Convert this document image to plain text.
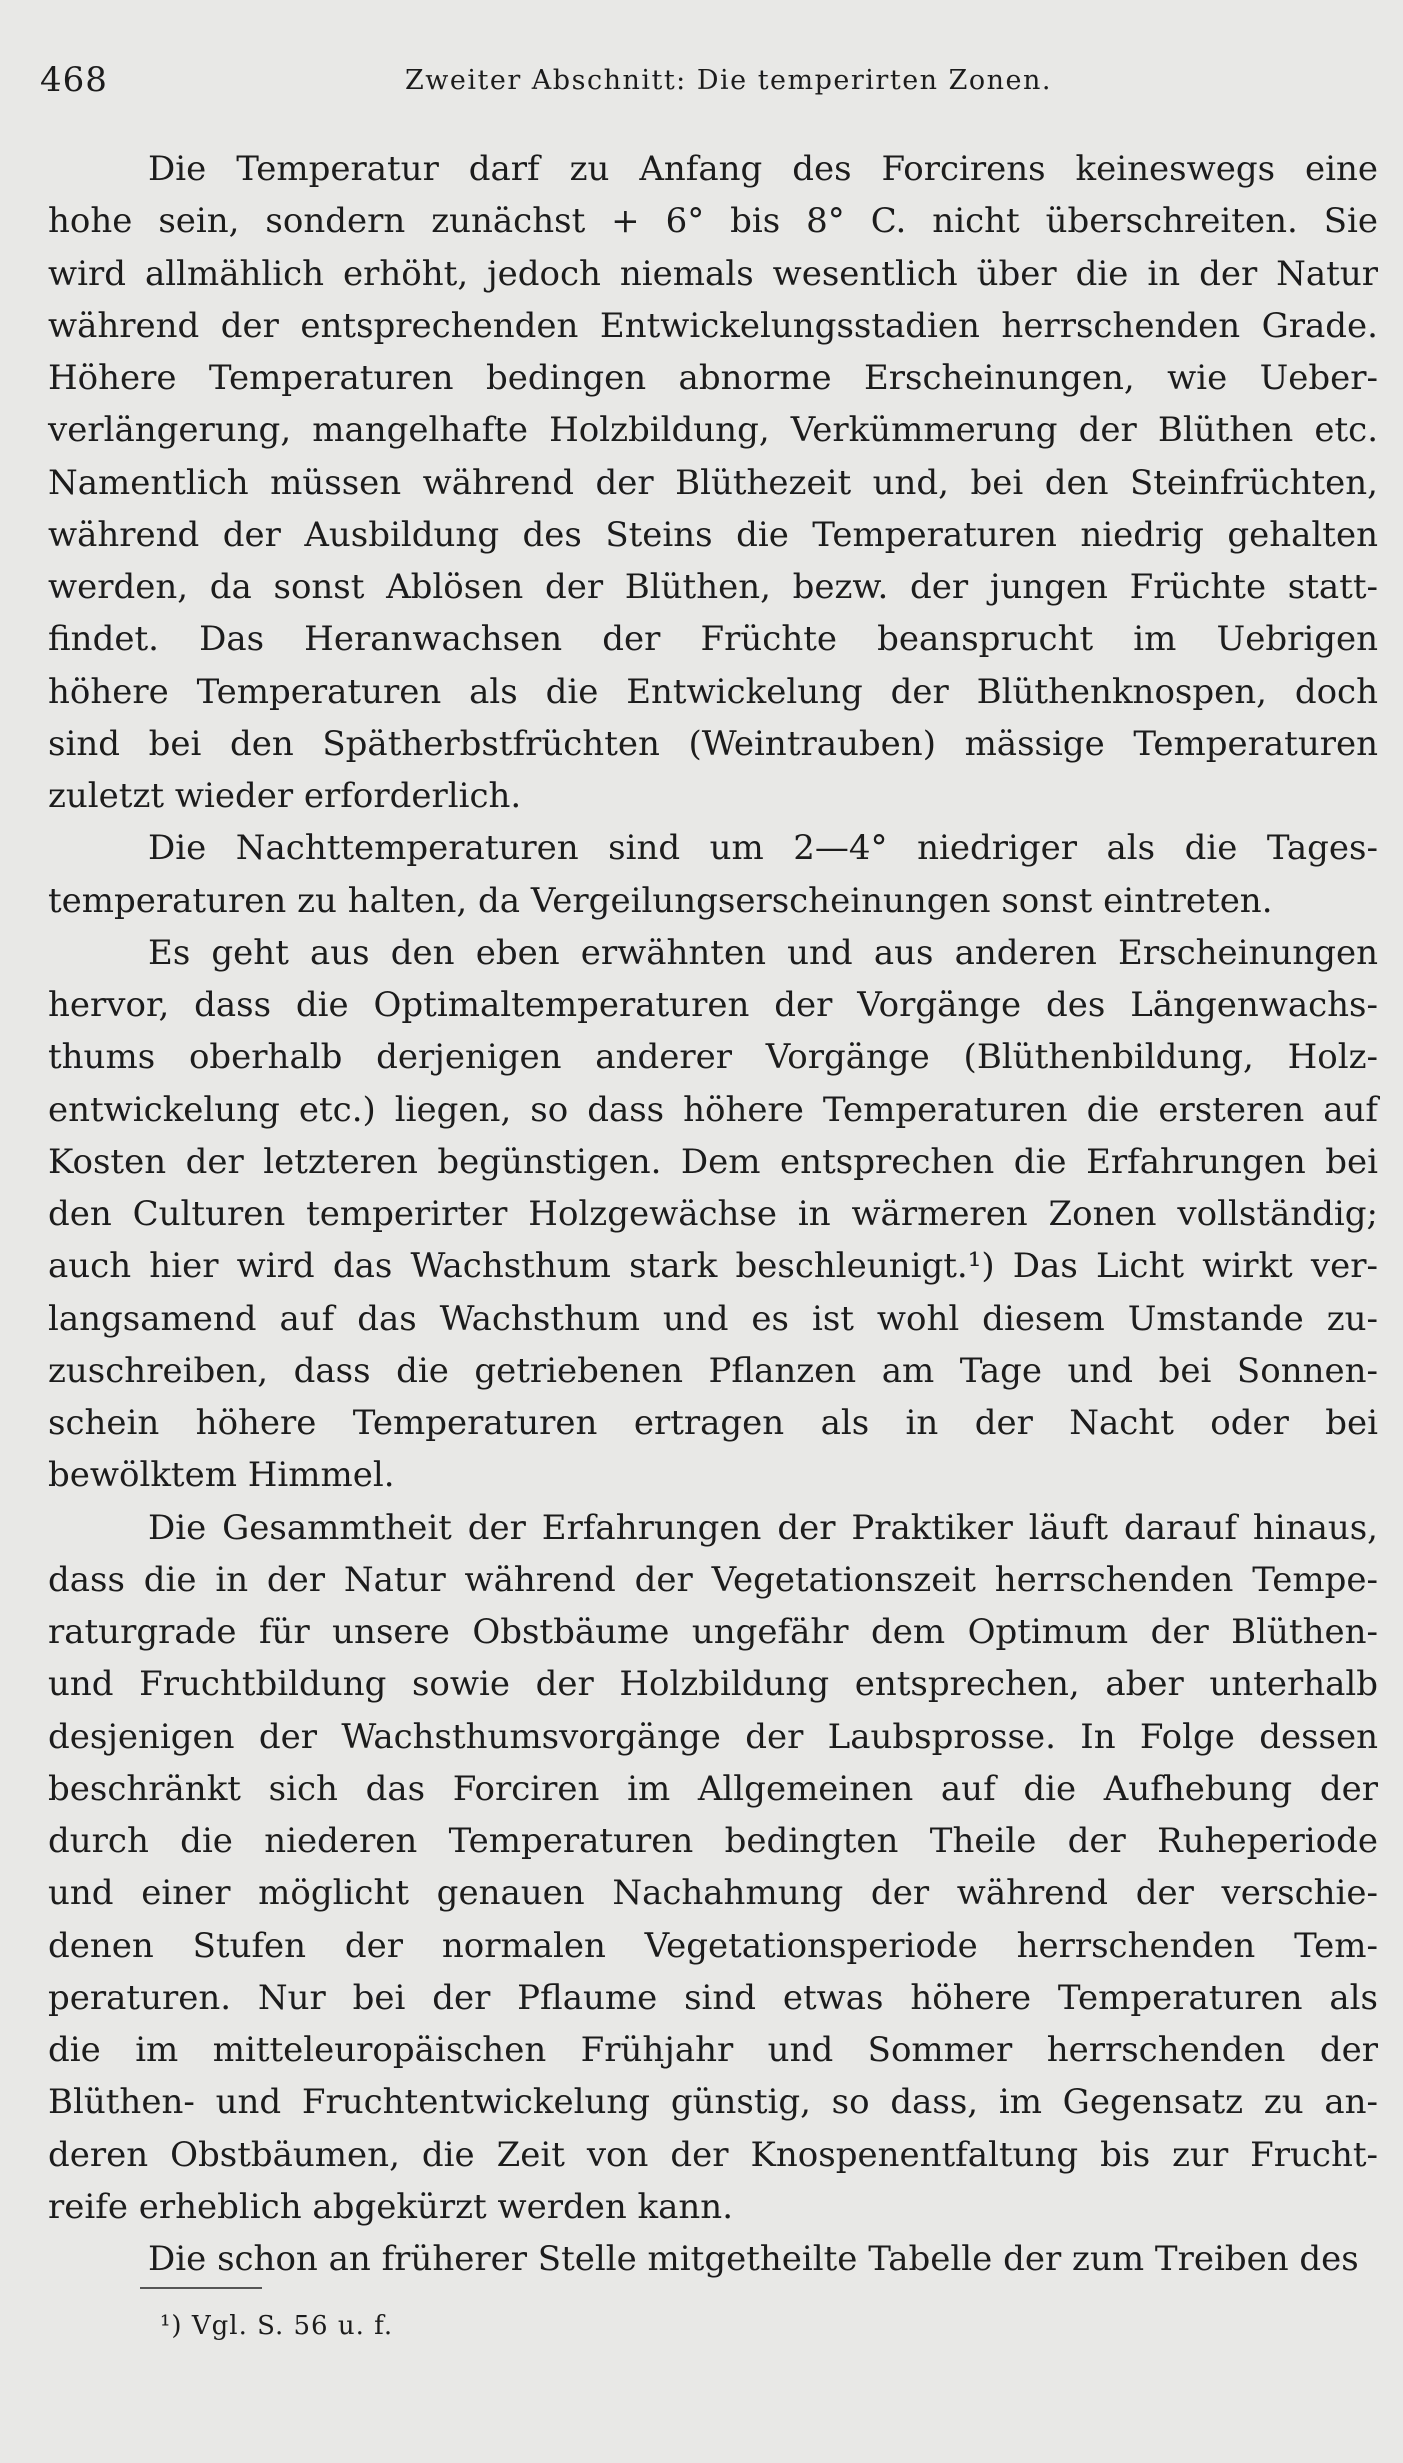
468	Zweiter Abschnitt: Die temperirten Zonen.
Die Temperatur darf zu Anfang des Forcirens keineswegs eine
hohe sein, sondern zunächst + 6° bis 8° C. nicht überschreiten. Sie
wird allmählich erhöht, jedoch niemals wesentlich über die in der Natur
während der entsprechenden Entwickelungsstadien herrschenden Grade.
Höhere Temperaturen bedingen abnorme Erscheinungen, wie Ueber-
verlängerung, mangelhafte Holzbildung, Verkümmerung der Blüthen etc.
Namentlich müssen während der Blüthezeit und, bei den Steinfrüchten,
während der Ausbildung des Steins die Temperaturen niedrig gehalten
werden, da sonst Ablösen der Blüthen, bezw. der jungen Früchte statt-
findet. Das Heranwachsen der Früchte beansprucht im Uebrigen
höhere Temperaturen als die Entwickelung der Blüthenknospen, doch
sind bei den Spätherbstfrüchten (Weintrauben) mässige Temperaturen
zuletzt wieder erforderlich.
Die Nachttemperaturen sind um 2—4° niedriger als die Tages-
temperaturen zu halten, da Vergeilungserscheinungen sonst eintreten.
Es geht aus den eben erwähnten und aus anderen Erscheinungen
hervor, dass die Optimaltemperaturen der Vorgänge des Längenwachs-
thums oberhalb derjenigen anderer Vorgänge (Blüthenbildung, Holz-
entwickelung etc.) liegen, so dass höhere Temperaturen die ersteren auf
Kosten der letzteren begünstigen. Dem entsprechen die Erfahrungen bei
den Culturen temperirter Holzgewächse in wärmeren Zonen vollständig;
auch hier wird das Wachsthum stark beschleunigt.¹) Das Licht wirkt ver-
langsamend auf das Wachsthum und es ist wohl diesem Umstande zu-
zuschreiben, dass die getriebenen Pflanzen am Tage und bei Sonnen-
schein höhere Temperaturen ertragen als in der Nacht oder bei
bewölktem Himmel.
Die Gesammtheit der Erfahrungen der Praktiker läuft darauf hinaus,
dass die in der Natur während der Vegetationszeit herrschenden Tempe-
raturgrade für unsere Obstbäume ungefähr dem Optimum der Blüthen-
und Fruchtbildung sowie der Holzbildung entsprechen, aber unterhalb
desjenigen der Wachsthumsvorgänge der Laubsprosse. In Folge dessen
beschränkt sich das Forciren im Allgemeinen auf die Aufhebung der
durch die niederen Temperaturen bedingten Theile der Ruheperiode
und einer möglicht genauen Nachahmung der während der verschie-
denen Stufen der normalen Vegetationsperiode herrschenden Tem-
peraturen. Nur bei der Pflaume sind etwas höhere Temperaturen als
die im mitteleuropäischen Frühjahr und Sommer herrschenden der
Blüthen- und Fruchtentwickelung günstig, so dass, im Gegensatz zu an-
deren Obstbäumen, die Zeit von der Knospenentfaltung bis zur Frucht-
reife erheblich abgekürzt werden kann.
Die schon an früherer Stelle mitgetheilte Tabelle der zum Treiben des
¹) Vgl. S. 56 u. f.
